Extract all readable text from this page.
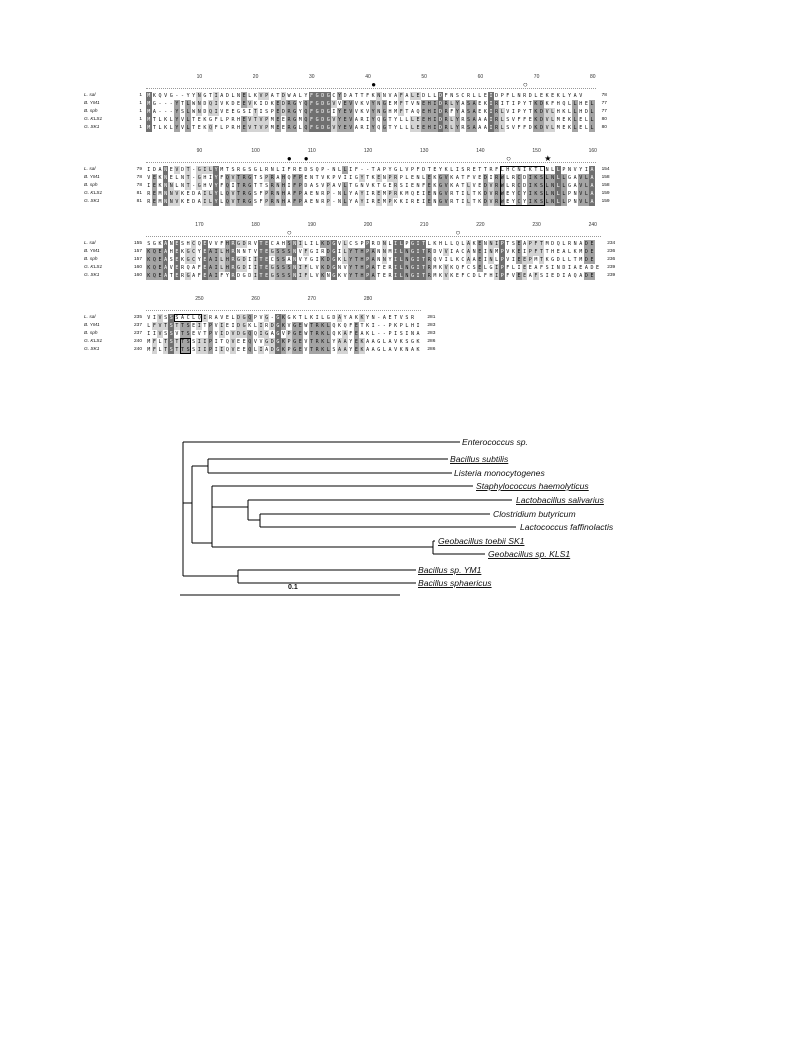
10	20	30	40	50	60	70	80
●	○
L. sal	1 M K Q V G - - Y Y N G T I A D L N E L K V P A T D W A L Y F G D G C Y D A T T F K N N V A F A L E D L L D F N S C R L L E I D P F L N R D L E K E K L Y A V	78
B. YM1	1 M G - - - Y T L W N D Q I V K D E E V K I D K E D R G Y Q F G D G V V E V V K V Y N G E M F T V N E H I D R L Y A S A E K I R I T I P Y T K D K F H Q L L H E L 77
B. sph	1 M A - - - Y S L W N D Q I V E E G S I T I S P E D R G Y Q F G D G I Y E V V K V Y N G H M F T A Q E H I D R F Y A S A E K I R L V I P Y T K D V L H K L L H D L 77
G. KLS1	1 M T L K L Y V L T E K G F L P R H E V T V P M E E R G M Q F G D G V Y E V A R I Y Q G T Y L L L E E H I D R L Y R S A A A I R L S V F F E K D V L M E K L E L L 80
G. SK1	1 M T L K L Y V L T E K Q F L P R H E V T V P M E E R G L Q F G D G V Y E V A R I Y Q G T Y L L L E E H I D R L Y R S A A A I R L S V F F D K D V L M E K L E L L 80
90	100	110	120	130	140	150	160
● ●	○	★
L. sal	79 I D A N E V D T - G I L Y M T S R G S G L R N L I F R E D S Q P - N L L I F - - T A P Y G L V P F D T E Y K L I S R E T T R F L H C N I K T L N L L P N V Y I A 154
B. YM1	78 V E K N E L N T - G H I Y F Q V T R G T S P R A H Q F P E N T V K P V I I G Y T K E N P R P L E N L E K G V K A T F V E D I R W L R C D I K S L N L L G A V L A 158
B. sph	78 I E K N N L N T - G H V Y F Q I T R G T T S R N H I F P D A S V P A V L T G N V K T G E R S I E N F E K G V K A T L V E D V R W L R C D I K S L N L L G A V L A 158
G. KLS1	81 R E M N N V K E D A I L Y L Q V T R G S F P R N H A F P A E N R P - N L Y A Y I R E M P R K M Q E I E N G V R T I L T K D V R W E Y C Y I K S L N L L P N V L A 159
G. SK1	81 R E M N N V K E D A I L Y L Q V T R G S F P R N H A F P A E N R P - N L Y A Y I R E M P K K I R E I E N G V R T I L T K D V R W E Y C Y I K S L N L L P N V L A 159
170	180	190	200	210	220	230	240
○	○
L. sal	155 S G K A N E S H C Q E V V F H R G D R V T E C A H S N I L I L K D G V L C S P P R D N L I L P G I T L K H L L Q L A K E N N I P T S E A P F T M D Q L R N A D E	234
B. YM1	157 K Q E A H E K G C Y E A I L H R N N T V T E G S S S N V F G I R D G I L Y T H P A N N M I L N G I T R D V V I A C A N E I N M P V K E I P F T T H E A L K M D E	236
B. sph	157 K Q E A S E K G C Y E A I L H R G D I I T E C S S A N V Y G I K D G K L Y T H P A N N Y I L N G I T R Q V I L K C A A E I N L P V I E E P M T K G D L L T M D E	236
G. KLS1	160 K Q E A V E R Q A F E A I L H R G D I I T E G S S S N I F L V K D G N V Y T H P A T E R I L N G I T R M K V K Q F C S E L G I P F L I E E A F S I N D I A E A D E 239
G. SK1	160 K Q E A T E R G A F E A I F Y R D G D I T E G S S S N I F L V K N G K V Y T H P A T E R I L N G I T R M K V K E F C D L F H I P F V E E A F S I E D I A Q A D E	239
250	260	270	280
L. sal	235 V I V S S S A C L Q I R A V E L D G Q P V G - G K G K T L K I L G D A Y A K K Y N - A E T V S R	281
B. YM1	237 L F V T S T T S E I T P V I E I D G K L I R D G K V G E W T R K L Q K Q F E T K I - - P K P L H I 283
B. sph	237 I I V S S V T S E V T P V I D V D G Q Q I G A G V P G E W T R K L Q K A F E A K L - - P I S I N A 283
G. KLS1	240 M F L T S T T S S I I P I T Q V E E Q V V G D G K P G E V T R K L Y A A Y E K A A G L A V K S G K 286
G. SK1	240 M F L T S T T S S I I P I I Q V E E Q L I A D G K P G E V T R K L S A A Y E K A A G L A V K N A K 286
Enterococcus sp.
Bacillus subtilis
Listeria monocytogenes
Staphylococcus haemolyticus
Lactobacillus salivarius
Clostridium butyricum
Lactococcus faffinolactis
Geobacillus toebii SK1
Geobacillus sp. KLS1
Bacillus sp. YM1
Bacillus sphaericus
0.1
